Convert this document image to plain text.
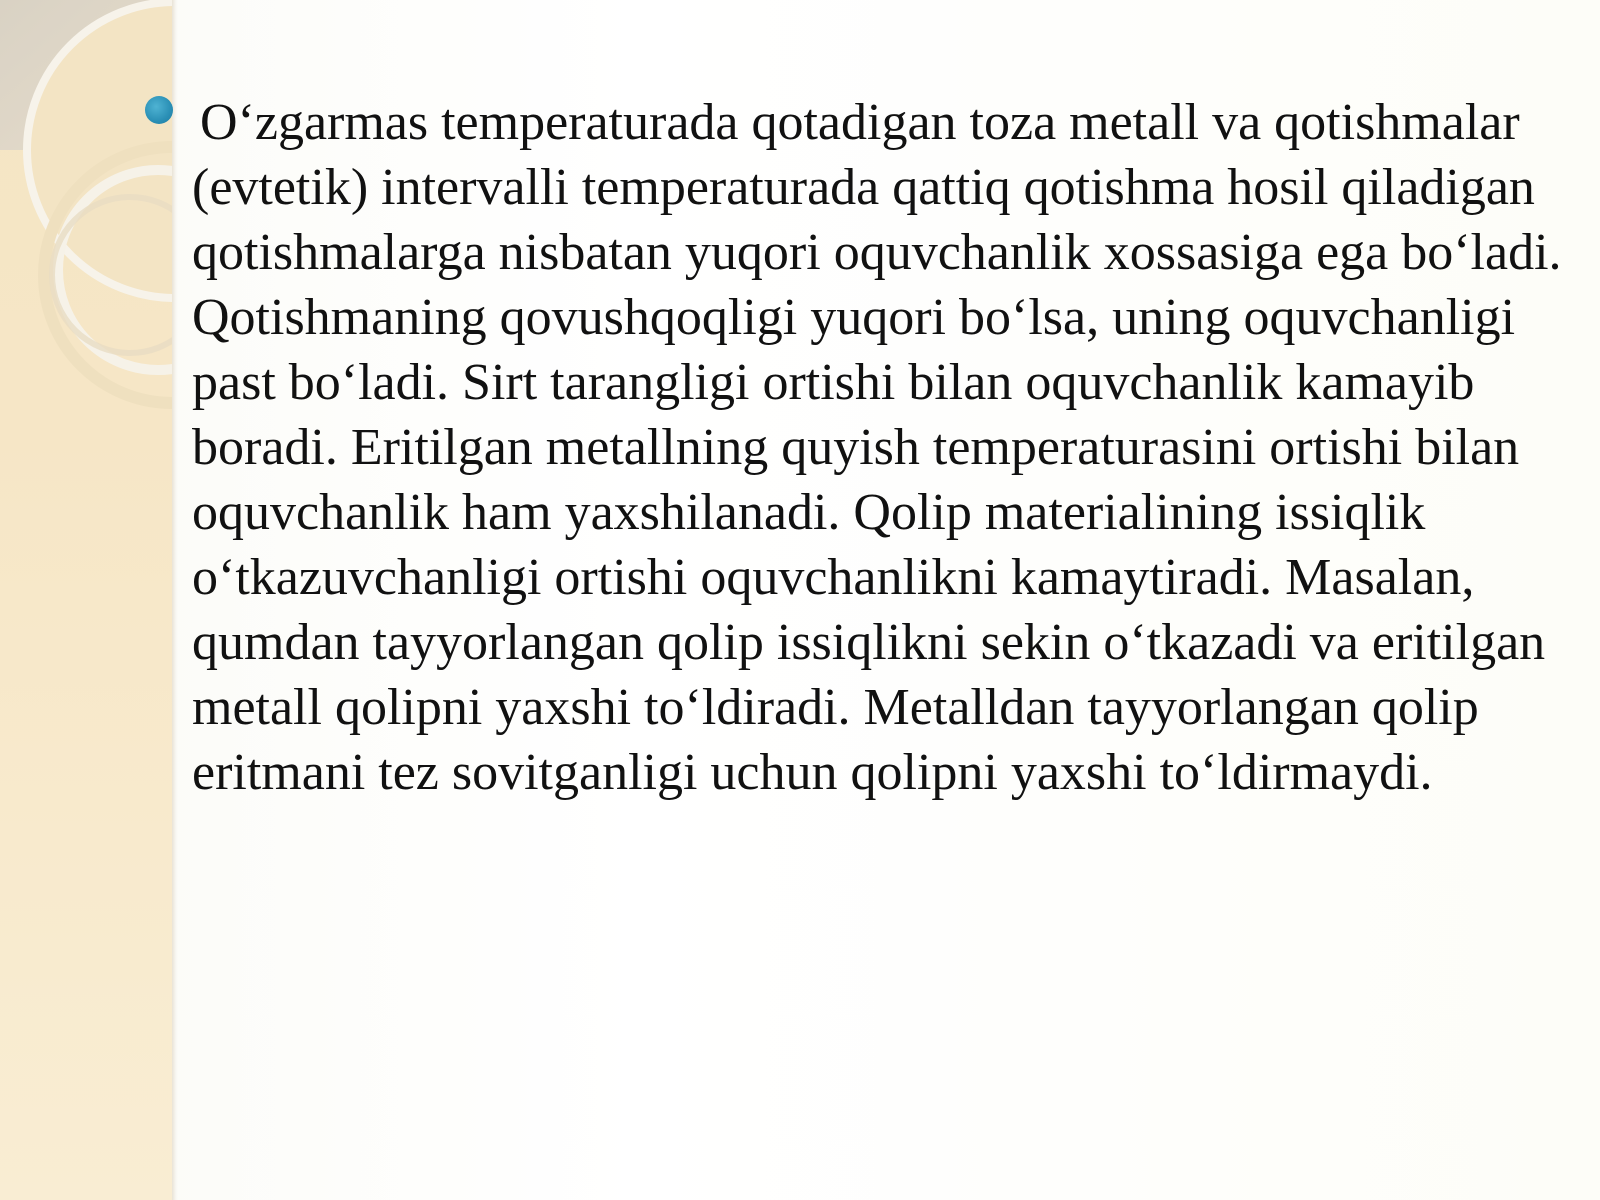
O‘zgarmas temperaturada qotadigan toza metall va qotishmalar (evtetik) intervalli temperaturada qattiq qotishma hosil qiladigan qotishmalarga nisbatan yuqori oquvchanlik xossasiga ega bo‘ladi. Qotishmaning qovushqoqligi yuqori bo‘lsa, uning oquvchanligi past bo‘ladi. Sirt tarangligi ortishi bilan oquvchanlik kamayib boradi. Eritilgan metallning quyish temperaturasini ortishi bilan oquvchanlik ham yaxshilanadi. Qolip materialining issiqlik o‘tkazuvchanligi ortishi oquvchanlikni kamaytiradi. Masalan, qumdan tayyorlangan qolip issiqlikni sekin o‘tkazadi va eritilgan metall qolipni yaxshi to‘ldiradi. Metalldan tayyorlangan qolip eritmani tez sovitganligi uchun qolipni yaxshi to‘ldirmaydi.
